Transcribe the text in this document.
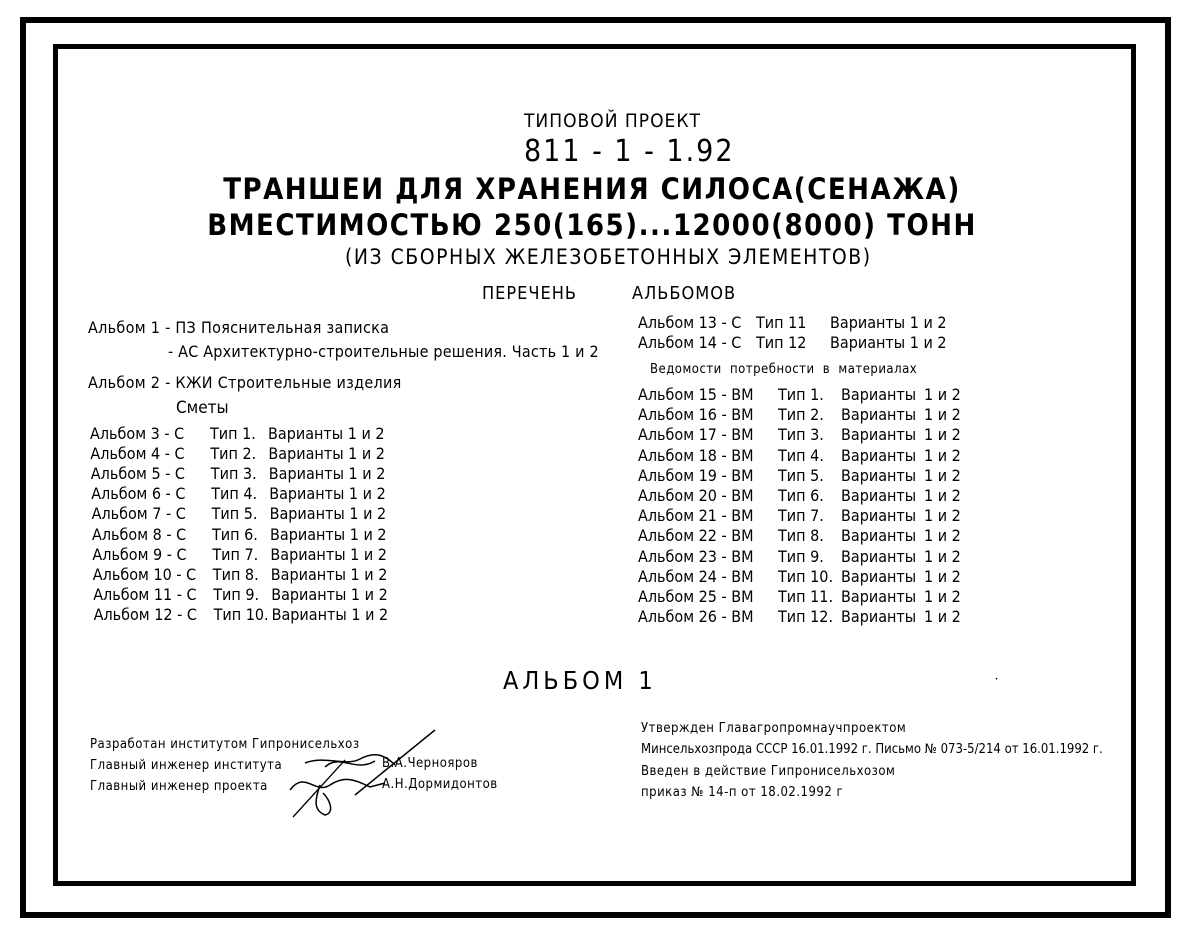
ТИПОВОЙ ПРОЕКТ
811 - 1 - 1.92
ТРАНШЕИ ДЛЯ ХРАНЕНИЯ СИЛОСА(СЕНАЖА)
ВМЕСТИМОСТЬЮ 250(165)...12000(8000) ТОНН
(ИЗ СБОРНЫХ ЖЕЛЕЗОБЕТОННЫХ ЭЛЕМЕНТОВ)
ПЕРЕЧЕНЬ	АЛЬБОМОВ
Альбом 1 - ПЗ Пояснительная записка
- АС Архитектурно-строительные решения. Часть 1 и 2
Альбом 2 - КЖИ Строительные изделия
Сметы
Альбом 3 - С Тип 1. Варианты 1 и 2
Альбом 4 - С Тип 2. Варианты 1 и 2
Альбом 5 - С Тип 3. Варианты 1 и 2
Альбом 6 - С Тип 4. Варианты 1 и 2
Альбом 7 - С Тип 5. Варианты 1 и 2
Альбом 8 - С Тип 6. Варианты 1 и 2
Альбом 9 - С Тип 7. Варианты 1 и 2
Альбом 10 - С Тип 8. Варианты 1 и 2
Альбом 11 - С Тип 9. Варианты 1 и 2
Альбом 12 - С Тип 10. Варианты 1 и 2
Альбом 13 - С Тип 11 Варианты 1 и 2
Альбом 14 - С Тип 12 Варианты 1 и 2
Ведомости потребности в материалах
Альбом 15 - ВМ Тип 1. Варианты 1 и 2
Альбом 16 - ВМ Тип 2. Варианты 1 и 2
Альбом 17 - ВМ Тип 3. Варианты 1 и 2
Альбом 18 - ВМ Тип 4. Варианты 1 и 2
Альбом 19 - ВМ Тип 5. Варианты 1 и 2
Альбом 20 - ВМ Тип 6. Варианты 1 и 2
Альбом 21 - ВМ Тип 7. Варианты 1 и 2
Альбом 22 - ВМ Тип 8. Варианты 1 и 2
Альбом 23 - ВМ Тип 9. Варианты 1 и 2
Альбом 24 - ВМ Тип 10. Варианты 1 и 2
Альбом 25 - ВМ Тип 11. Варианты 1 и 2
Альбом 26 - ВМ Тип 12. Варианты 1 и 2
АЛЬБОМ 1	•
Разработан институтом Гипронисельхоз
Главный инженер института	В.А.Чернояров
Главный инженер проекта	А.Н.Дормидонтов
Утвержден Главагропромнаучпроектом
Минсельхозпрода СССР 16.01.1992 г. Письмо № 073-5/214 от 16.01.1992 г.
Введен в действие Гипронисельхозом
приказ № 14-п от 18.02.1992 г
